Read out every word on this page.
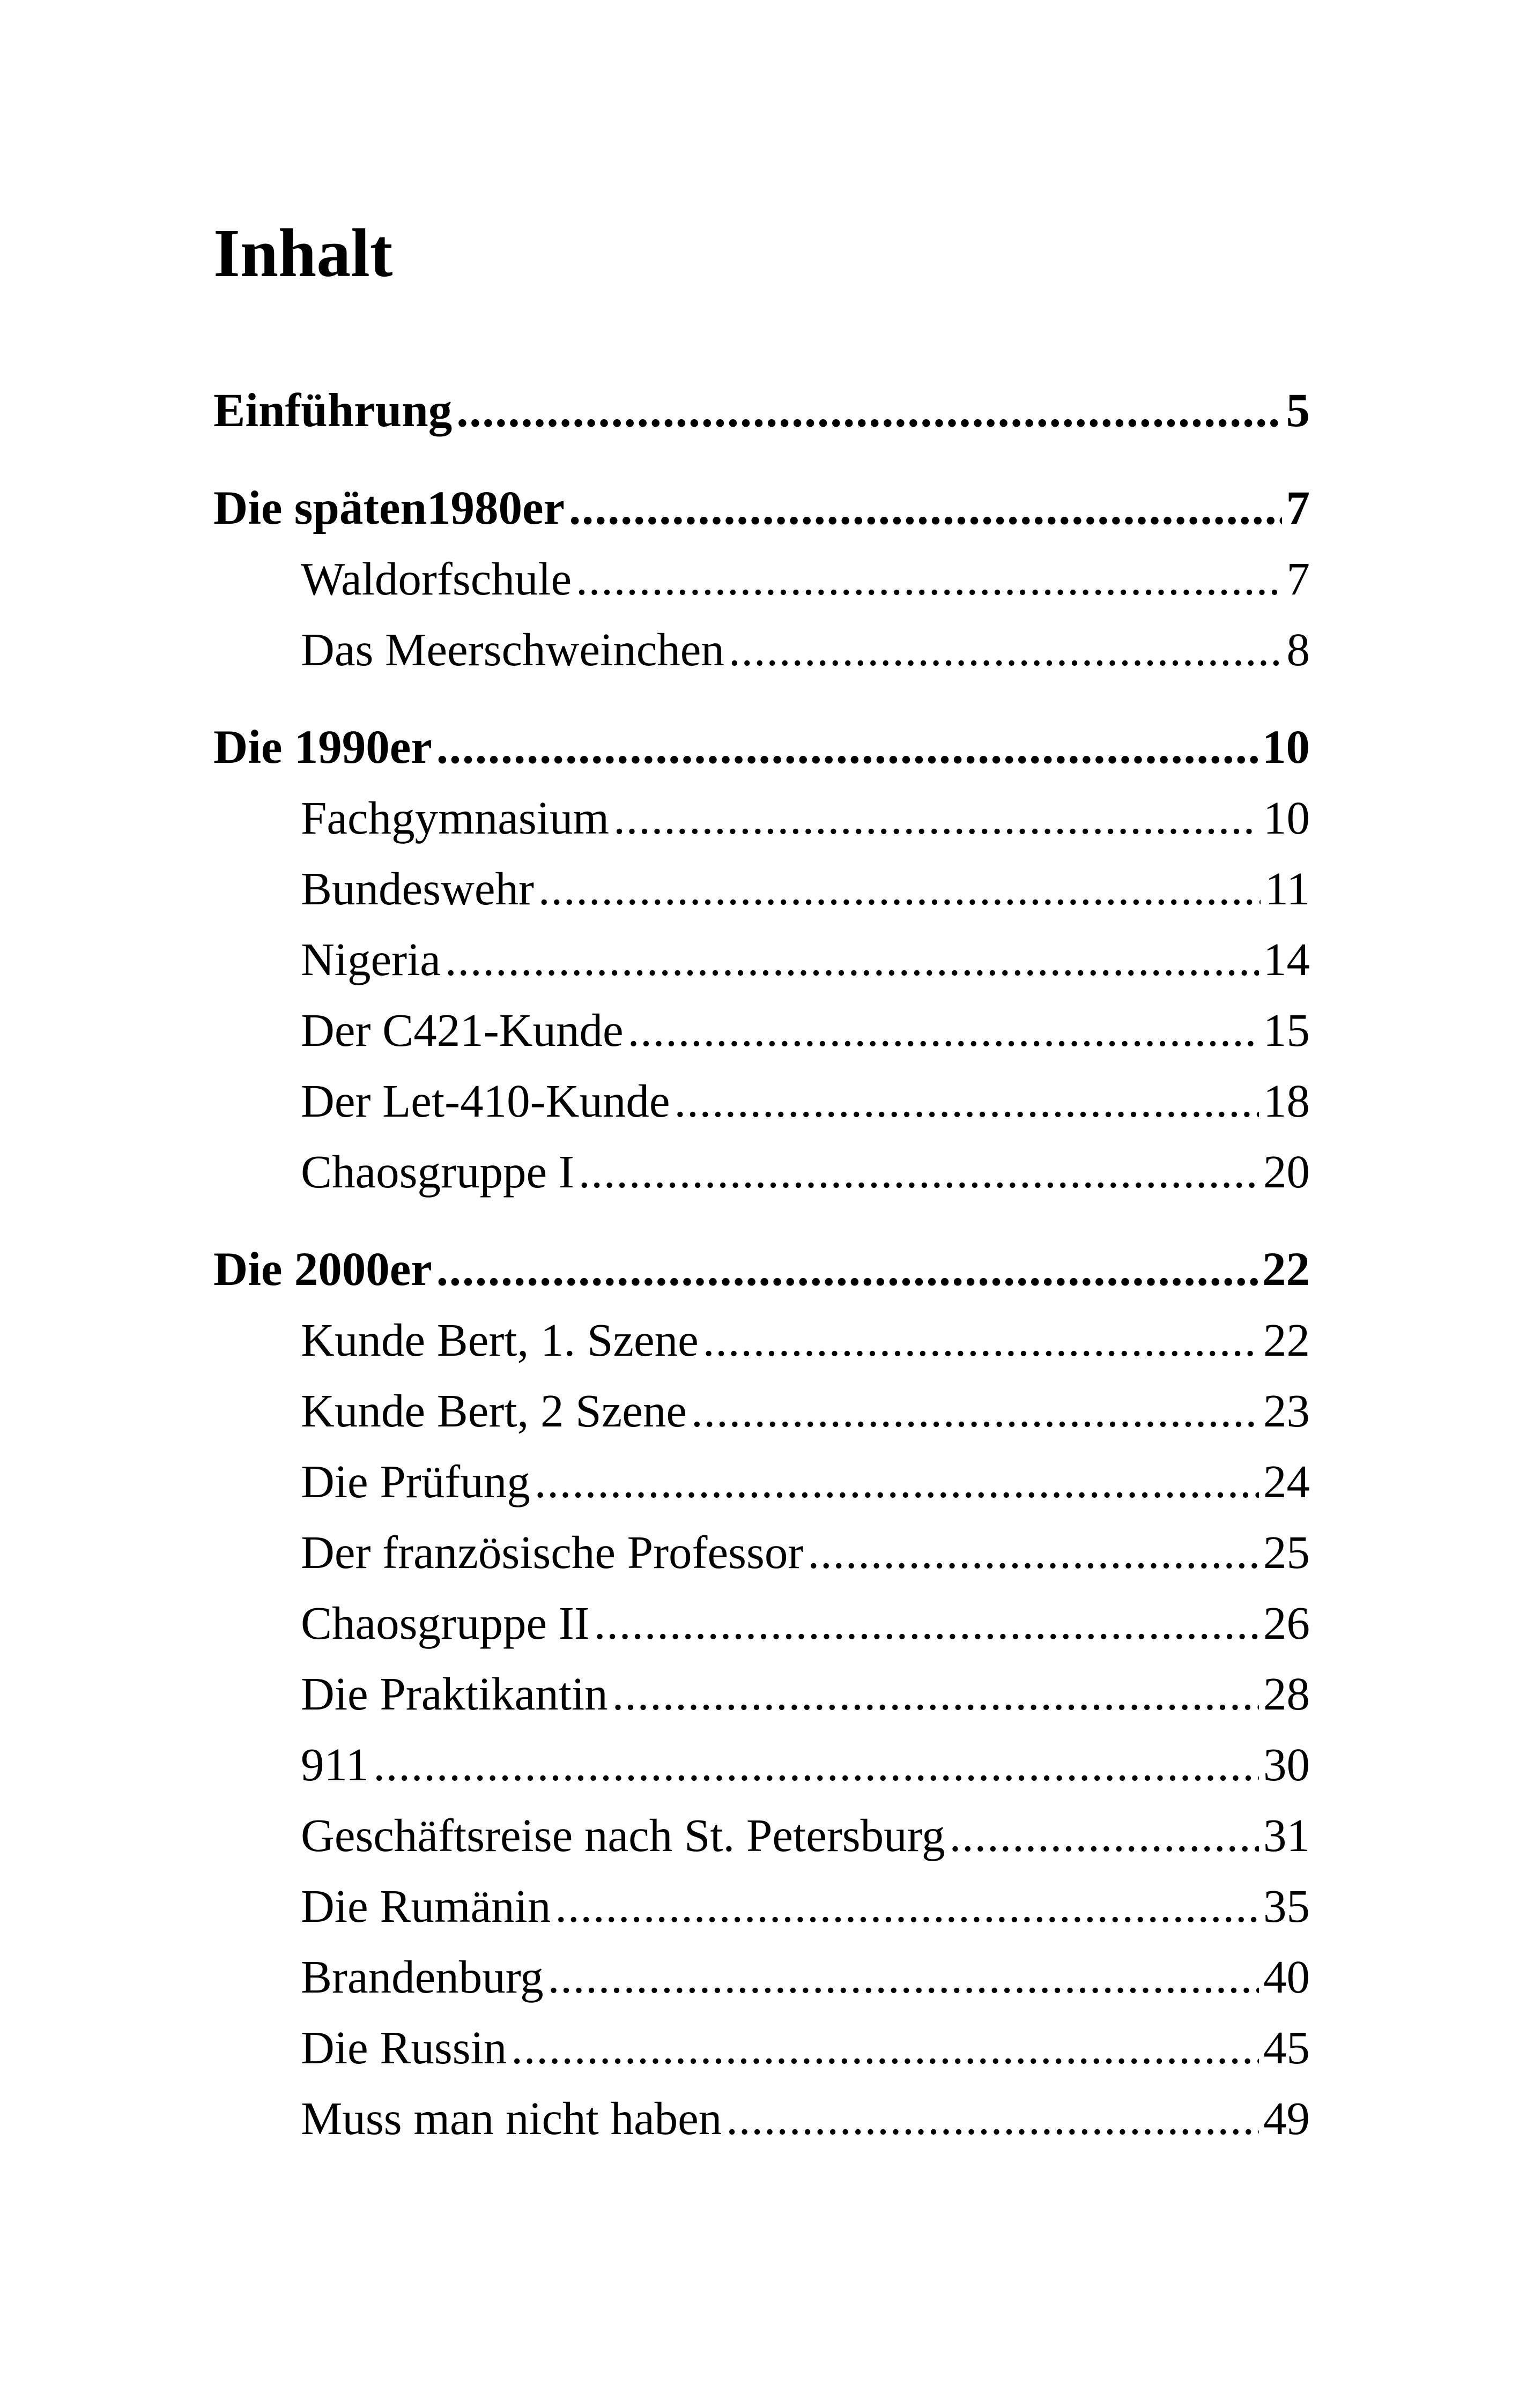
Inhalt
Einführung .....	5
Die späten1980er .....	7
Waldorfschule .....	7
Das Meerschweinchen .....	8
Die 1990er .....	10
Fachgymnasium .....	10
Bundeswehr .....	11
Nigeria .....	14
Der C421-Kunde .....	15
Der Let-410-Kunde .....	18
Chaosgruppe I .....	20
Die 2000er .....	22
Kunde Bert, 1. Szene .....	22
Kunde Bert, 2 Szene .....	23
Die Prüfung .....	24
Der französische Professor .....	25
Chaosgruppe II .....	26
Die Praktikantin .....	28
911 .....	30
Geschäftsreise nach St. Petersburg .....	31
Die Rumänin .....	35
Brandenburg .....	40
Die Russin .....	45
Muss man nicht haben .....	49
